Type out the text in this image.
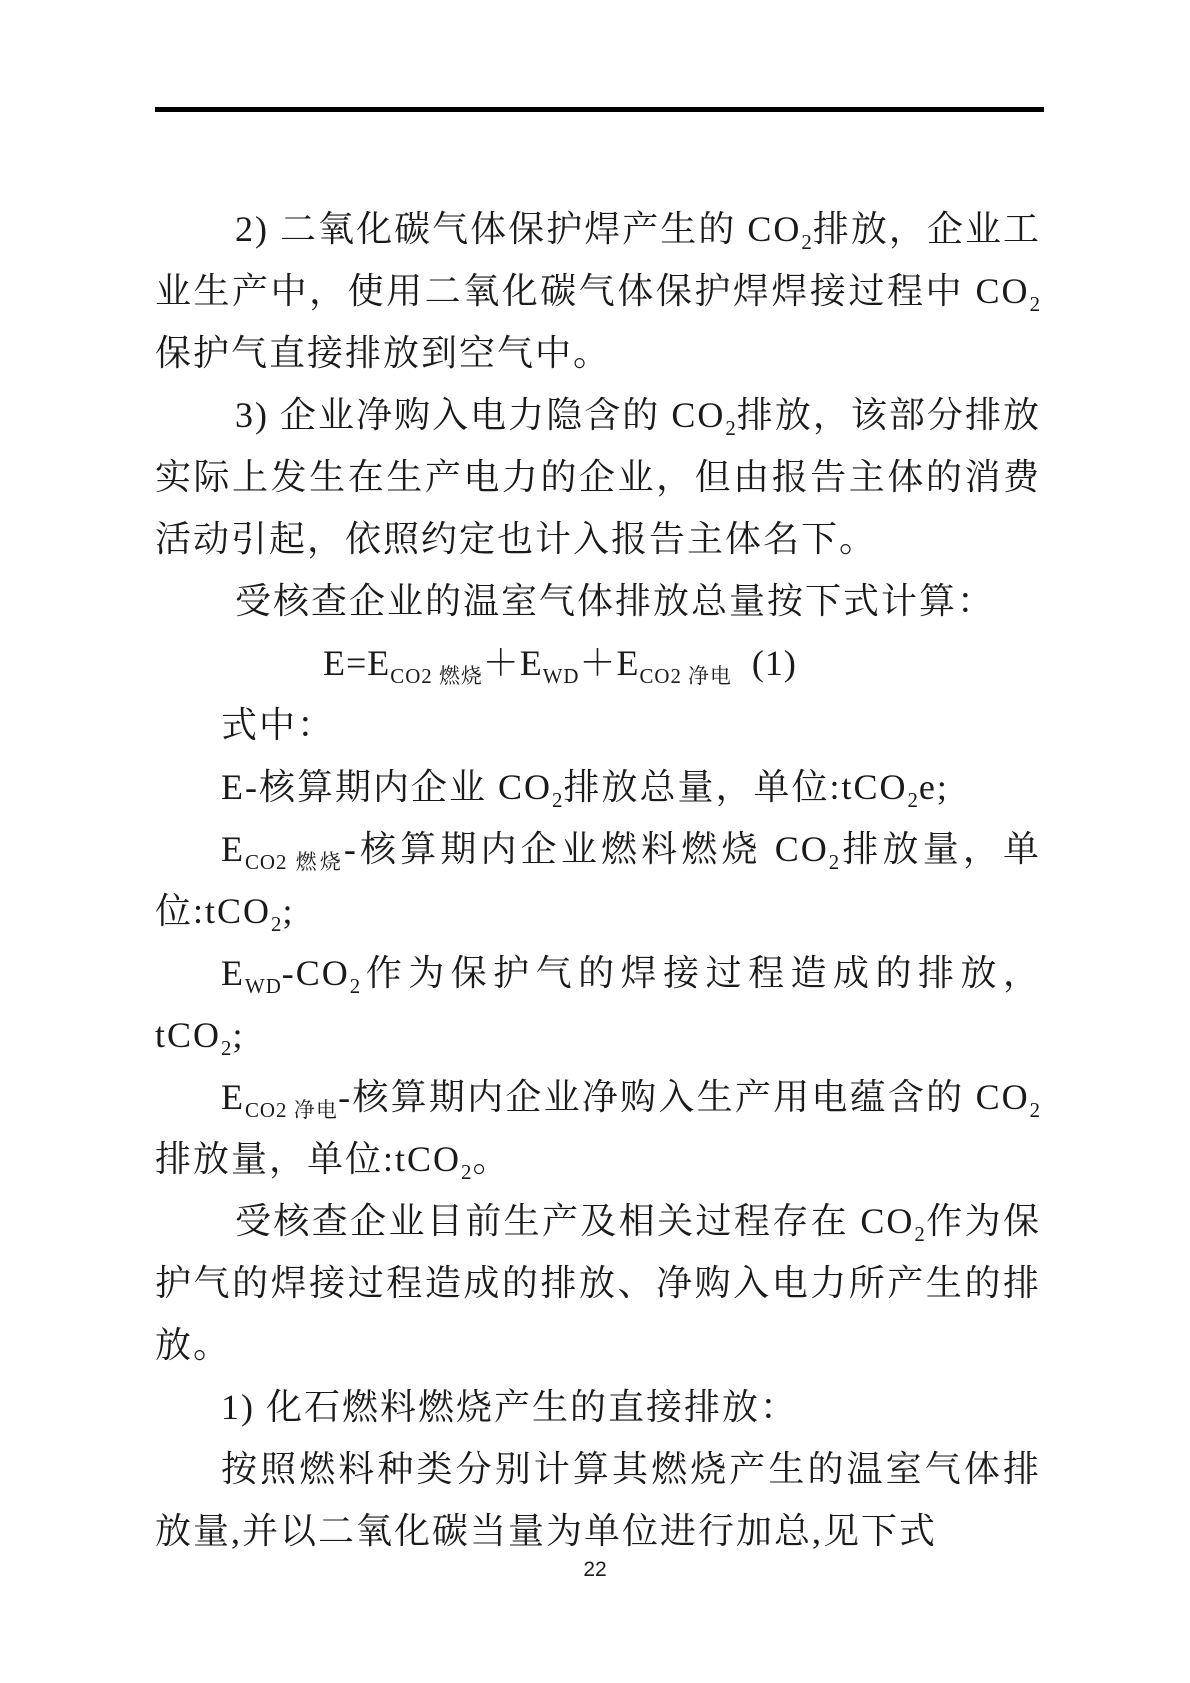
2) 二氧化碳气体保护焊产生的 $CO_2$排放，企业工业生产中，使用二氧化碳气体保护焊焊接过程中 $CO_2$保护气直接排放到空气中。

3) 企业净购入电力隐含的 $CO_2$排放，该部分排放实际上发生在生产电力的企业，但由报告主体的消费活动引起，依照约定也计入报告主体名下。

受核查企业的温室气体排放总量按下式计算：

$E=E_{CO2 燃烧}+E_{WD}+E_{CO2 净电}$  (1)

式中：

E-核算期内企业 $CO_2$排放总量，单位:tCO$_2$e;

$E_{CO2 燃烧}-$核算期内企业燃料燃烧 $CO_2$排放量，单位:tCO$_2$;

$E_{WD}-CO_2$作为保护气的焊接过程造成的排放，tCO$_2$;

$E_{CO2 净电}-$核算期内企业净购入生产用电蕴含的 $CO_2$排放量，单位:tCO$_2$。

受核查企业目前生产及相关过程存在 $CO_2$作为保护气的焊接过程造成的排放、净购入电力所产生的排放。

1) 化石燃料燃烧产生的直接排放：

按照燃料种类分别计算其燃烧产生的温室气体排放量,并以二氧化碳当量为单位进行加总,见下式

22
